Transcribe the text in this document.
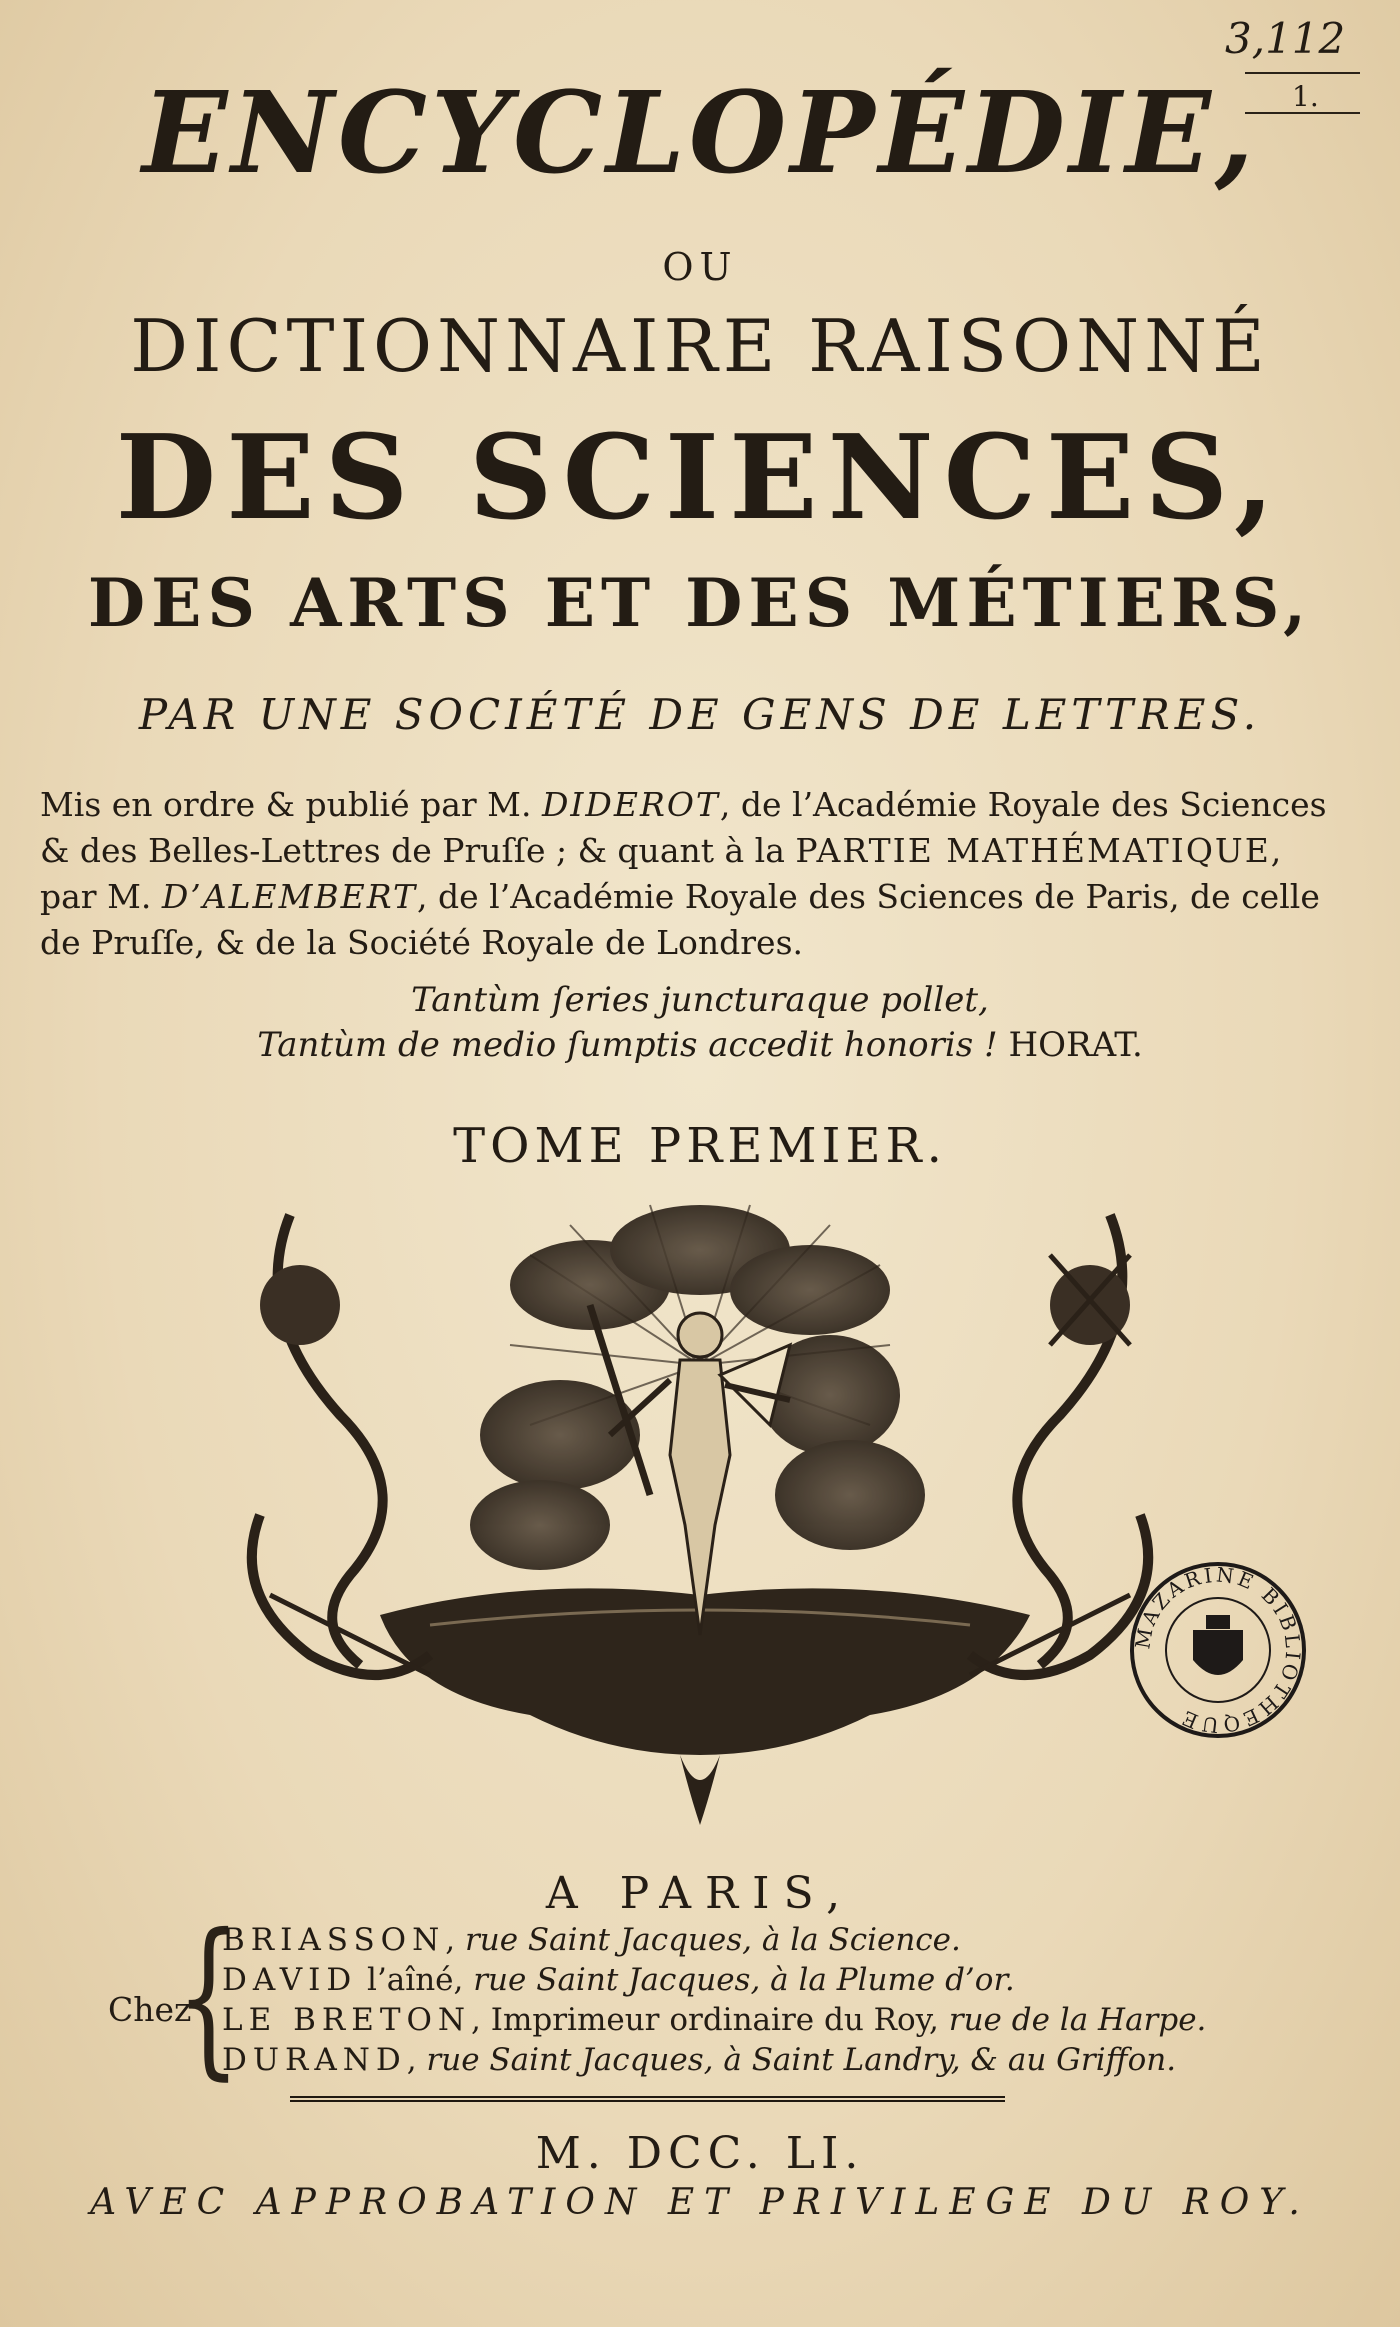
3,112
1.
ENCYCLOPÉDIE,
OU
DICTIONNAIRE RAISONNÉ
DES SCIENCES,
DES ARTS ET DES MÉTIERS,
PAR UNE SOCIÉTÉ DE GENS DE LETTRES.
Mis en ordre & publié par M. DIDEROT, de l’Académie Royale des Sciences & des Belles-Lettres de Pruſſe ; & quant à la PARTIE MATHÉMATIQUE, par M. D’ALEMBERT, de l’Académie Royale des Sciences de Paris, de celle de Pruſſe, & de la Société Royale de Londres.
Tantùm ſeries juncturaque pollet,
Tantùm de medio ſumptis accedit honoris ! HORAT.
TOME PREMIER.
MAZARINE BIBLIOTHEQUE
A PARIS,
Chez
{
BRIASSON, rue Saint Jacques, à la Science.
DAVID l’aîné, rue Saint Jacques, à la Plume d’or.
LE BRETON, Imprimeur ordinaire du Roy, rue de la Harpe.
DURAND, rue Saint Jacques, à Saint Landry, & au Griffon.
M. DCC. LI.
AVEC APPROBATION ET PRIVILEGE DU ROY.
